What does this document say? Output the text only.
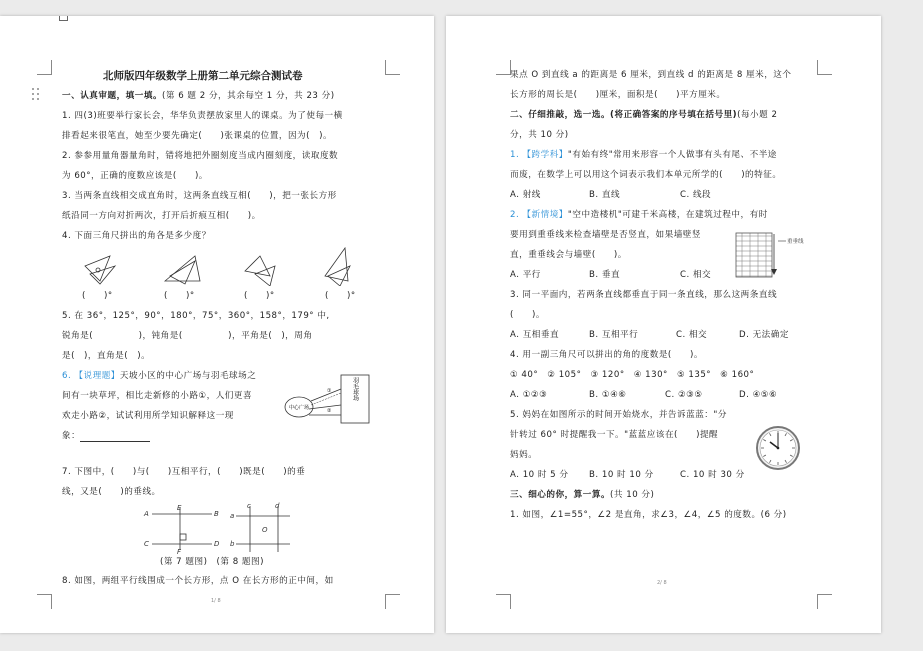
北师版四年级数学上册第二单元综合测试卷
一、认真审题，填一填。(第 6 题 2 分，其余每空 1 分，共 23 分)
1. 四(3)班要举行家长会，华华负责摆放家里人的课桌。为了使每一横
排看起来很笔直，她至少要先确定(　　)张课桌的位置，因为(　)。
2. 参参用量角器量角时，错将地把外圈刻度当成内圈刻度，读取度数
为 60°，正确的度数应该是(　　)。
3. 当两条直线相交成直角时，这两条直线互相(　　)，把一张长方形
纸沿同一方向对折两次，打开后折痕互相(　　)。
4. 下面三角尺拼出的角各是多少度？
(　　)°	(　　)°	(　　)°	(　　)°
5. 在 36°，125°，90°，180°，75°，360°，158°，179° 中,
锐角是(　　　　　)，钝角是(　　　　　)，平角是(　)，周角
是(　)，直角是(　)。
6. 【说理题】天坡小区的中心广场与羽毛球场之
间有一块草坪，相比走新修的小路①，人们更喜
欢走小路②，试试利用所学知识解释这一现
象：
羽毛球场
中心广场
①
②
7. 下图中，(　　)与(　　)互相平行，(　　)既是(　　)的垂
线，又是(　　)的垂线。
A	B
C	D
E
F
a
b
c	d
O
(第 7 题图)　(第 8 题图)
8. 如图，两组平行线围成一个长方形，点 O 在长方形的正中间，如
1/ 8
果点 O 到直线 a 的距离是 6 厘米，到直线 d 的距离是 8 厘米，这个
长方形的周长是(　　)厘米，面积是(　　)平方厘米。
二、仔细推敲，选一选。(将正确答案的序号填在括号里)(每小题 2
分，共 10 分)
1. 【跨学科】"有始有终"常用来形容一个人做事有头有尾、不半途
而废，在数学上可以用这个词表示我们本单元所学的(　　)的特征。
A. 射线	B. 直线	C. 线段
2. 【新情境】"空中造楼机"可建千米高楼，在建筑过程中，有时
要用到重垂线来检查墙壁是否竖直，如果墙壁竖
直，重垂线会与墙壁(　　)。
重垂线
A. 平行	B. 垂直	C. 相交
3. 同一平面内，若两条直线都垂直于同一条直线，那么这两条直线
(　　)。
A. 互相垂直	B. 互相平行	C. 相交	D. 无法确定
4. 用一副三角尺可以拼出的角的度数是(　　)。
① 40°　② 105°　③ 120°　④ 130°　⑤ 135°　⑥ 160°
A. ①②③	B. ①④⑥	C. ②③⑤	D. ④⑤⑥
5. 妈妈在如图所示的时间开始烧水，并告诉蓝蓝："分
针转过 60° 时提醒我一下。"蓝蓝应该在(　　)提醒
妈妈。
A. 10 时 5 分 B. 10 时 10 分	C. 10 时 30 分
三、细心的你，算一算。(共 10 分)
1. 如图，∠1=55°，∠2 是直角，求∠3，∠4，∠5 的度数。(6 分)
2/ 8
